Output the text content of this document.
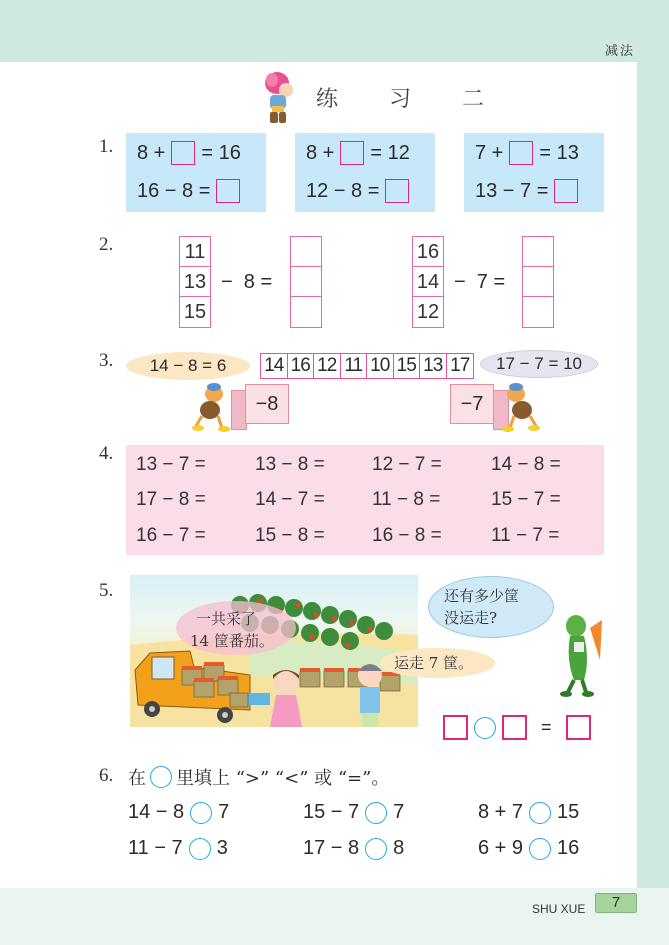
减法
练 习 二
1. 8 + = 16
16 − 8 =
8 + = 12
12 − 8 =
7 + = 13
13 − 7 =
2.	11
13
15
−  8 =
16
14
12
−  7 =
3. 14 − 8 = 6 14 16 12 11 10 15 13 17 17 − 7 = 10
−8	−7
4.
13 − 7 =	13 − 8 = 12 − 7 =	14 − 8 =
17 − 8 =	14 − 7 = 11 − 8 =	15 − 7 =
16 − 7 =	15 − 8 = 16 − 8 =	11 − 7 =
5.
一共采了
14 筐番茄。
运走 7 筐。
还有多少筐
没运走?
=
6. 在 里填上 “>” “<” 或 “=”。
14 − 8 7	15 − 7 7	8 + 7 15
11 − 7 3	17 − 8 8	6 + 9 16
SHU XUE	7
